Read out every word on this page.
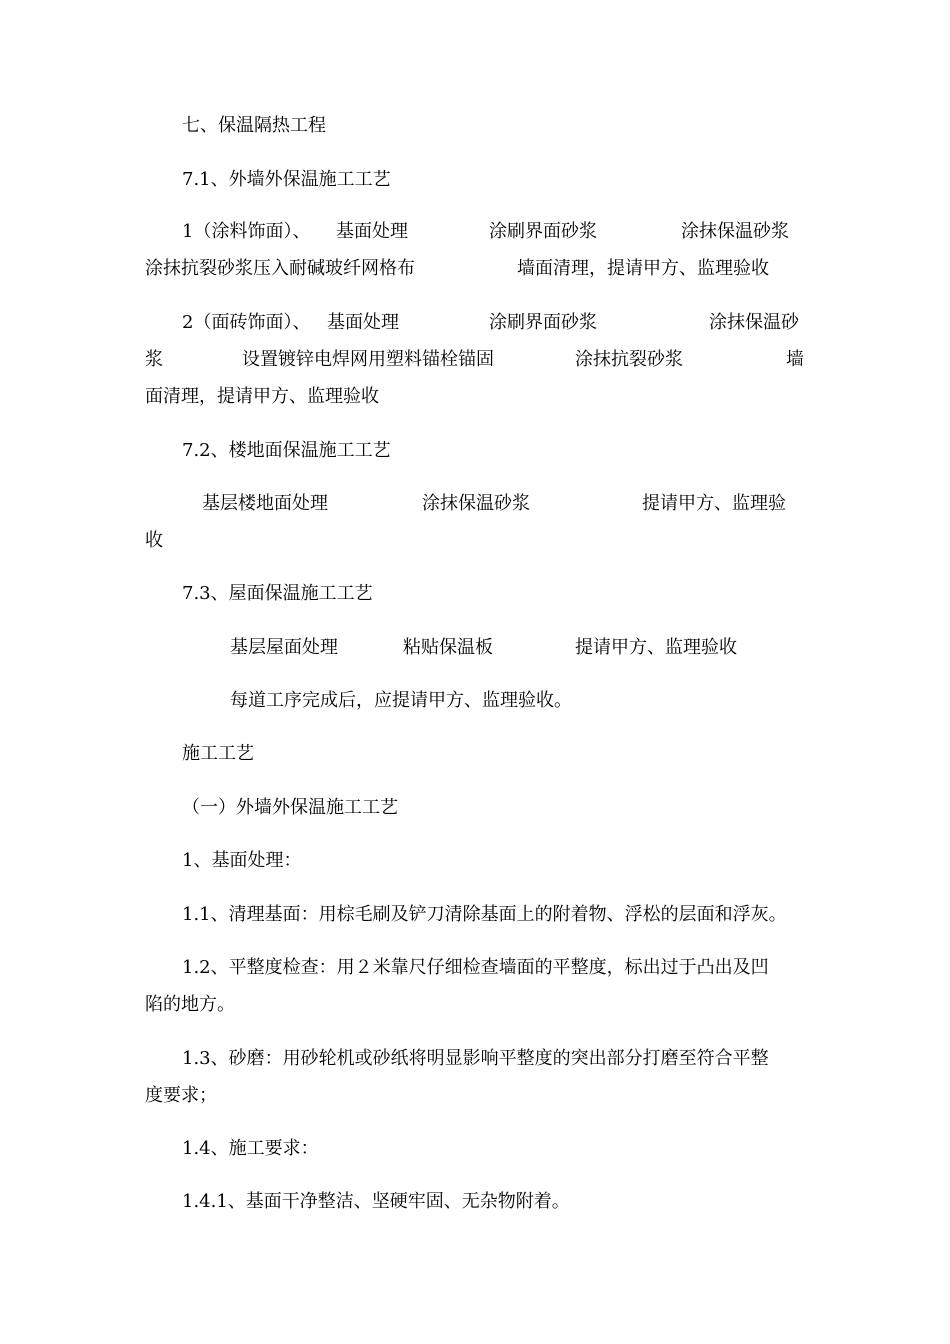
七、保温隔热工程
7.1、外墙外保温施工工艺
1（涂料饰面）、 基面处理	涂刷界面砂浆	涂抹保温砂浆
涂抹抗裂砂浆压入耐碱玻纤网格布	墙面清理，提请甲方、监理验收
2（面砖饰面）、 基面处理	涂刷界面砂浆	涂抹保温砂
浆	设置镀锌电焊网用塑料锚栓锚固	涂抹抗裂砂浆	墙
面清理，提请甲方、监理验收
7.2、楼地面保温施工工艺
基层楼地面处理	涂抹保温砂浆	提请甲方、监理验
收
7.3、屋面保温施工工艺
基层屋面处理	粘贴保温板	提请甲方、监理验收
每道工序完成后，应提请甲方、监理验收。
施工工艺
（一）外墙外保温施工工艺
1、基面处理：
1.1、清理基面：用棕毛刷及铲刀清除基面上的附着物、浮松的层面和浮灰。
1.2、平整度检查：用２米靠尺仔细检查墙面的平整度，标出过于凸出及凹
陷的地方。
1.3、砂磨：用砂轮机或砂纸将明显影响平整度的突出部分打磨至符合平整
度要求；
1.4、施工要求：
1.4.1、基面干净整洁、坚硬牢固、无杂物附着。
